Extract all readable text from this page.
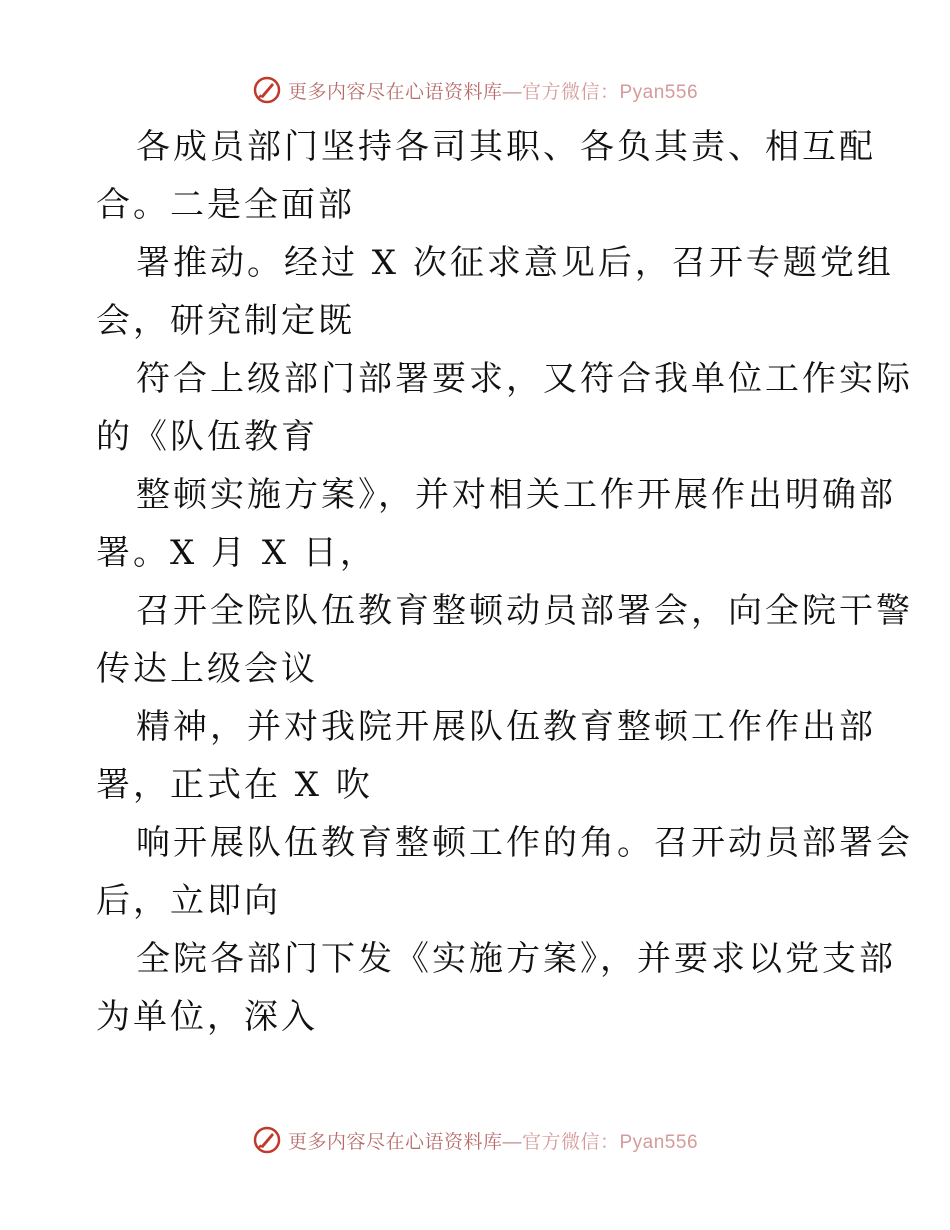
更多内容尽在心语资料库—官方微信：Pyan556
各成员部门坚持各司其职、各负其责、相互配
合。二是全面部
署推动。经过 X 次征求意见后，召开专题党组
会，研究制定既
符合上级部门部署要求，又符合我单位工作实际
的《队伍教育
整顿实施方案》，并对相关工作开展作出明确部
署。X 月 X 日，
召开全院队伍教育整顿动员部署会，向全院干警
传达上级会议
精神，并对我院开展队伍教育整顿工作作出部
署，正式在 X 吹
响开展队伍教育整顿工作的角。召开动员部署会
后，立即向
全院各部门下发《实施方案》，并要求以党支部
为单位，深入
更多内容尽在心语资料库—官方微信：Pyan556
